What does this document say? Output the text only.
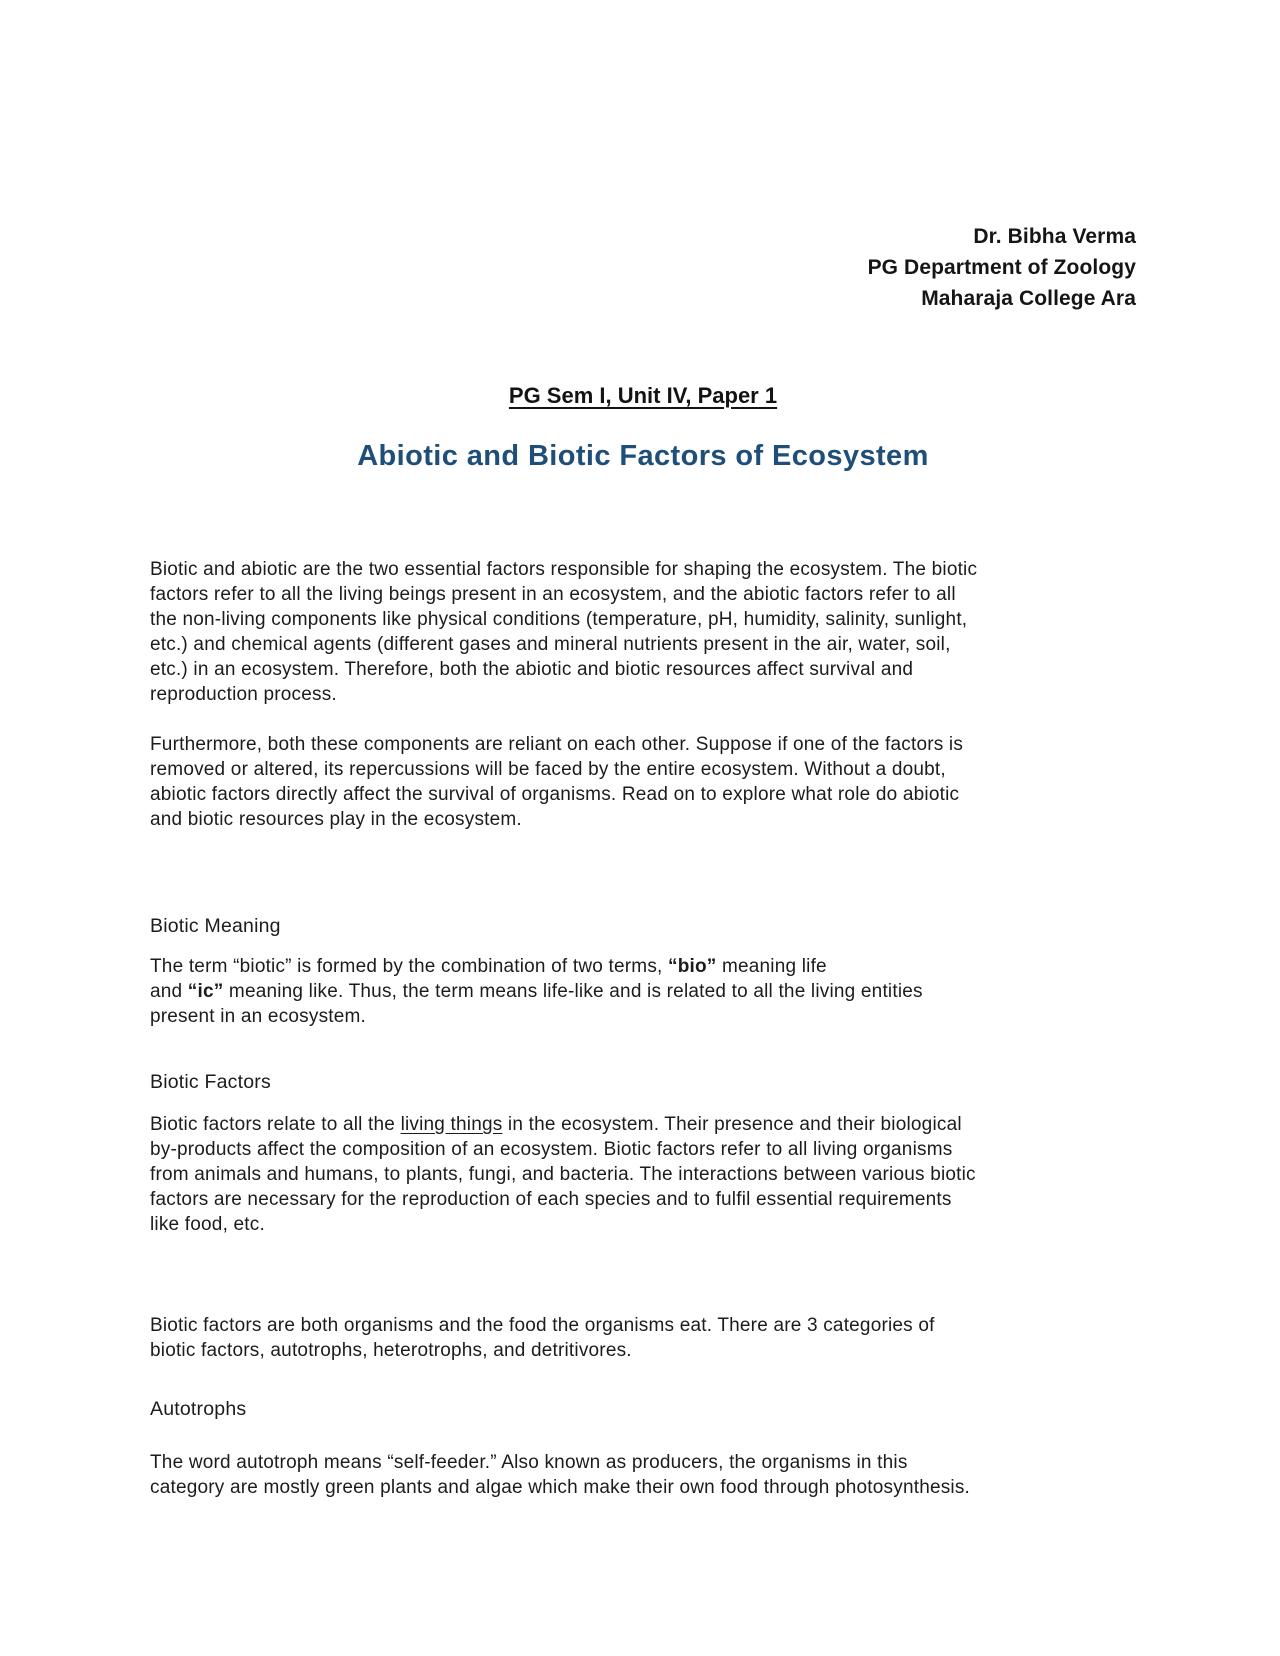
Dr. Bibha Verma
PG Department of Zoology
Maharaja College Ara
PG Sem I, Unit IV, Paper 1
Abiotic and Biotic Factors of Ecosystem

Biotic and abiotic are the two essential factors responsible for shaping the ecosystem. The biotic
factors refer to all the living beings present in an ecosystem, and the abiotic factors refer to all
the non-living components like physical conditions (temperature, pH, humidity, salinity, sunlight,
etc.) and chemical agents (different gases and mineral nutrients present in the air, water, soil,
etc.) in an ecosystem. Therefore, both the abiotic and biotic resources affect survival and
reproduction process.

Furthermore, both these components are reliant on each other. Suppose if one of the factors is
removed or altered, its repercussions will be faced by the entire ecosystem. Without a doubt,
abiotic factors directly affect the survival of organisms. Read on to explore what role do abiotic
and biotic resources play in the ecosystem.

Biotic Meaning

The term “biotic” is formed by the combination of two terms, “bio” meaning life
and “ic” meaning like. Thus, the term means life-like and is related to all the living entities
present in an ecosystem.

Biotic Factors

Biotic factors relate to all the living things in the ecosystem. Their presence and their biological
by-products affect the composition of an ecosystem. Biotic factors refer to all living organisms
from animals and humans, to plants, fungi, and bacteria. The interactions between various biotic
factors are necessary for the reproduction of each species and to fulfil essential requirements
like food, etc.

Biotic factors are both organisms and the food the organisms eat. There are 3 categories of
biotic factors, autotrophs, heterotrophs, and detritivores.

Autotrophs

The word autotroph means “self-feeder.” Also known as producers, the organisms in this
category are mostly green plants and algae which make their own food through photosynthesis.
